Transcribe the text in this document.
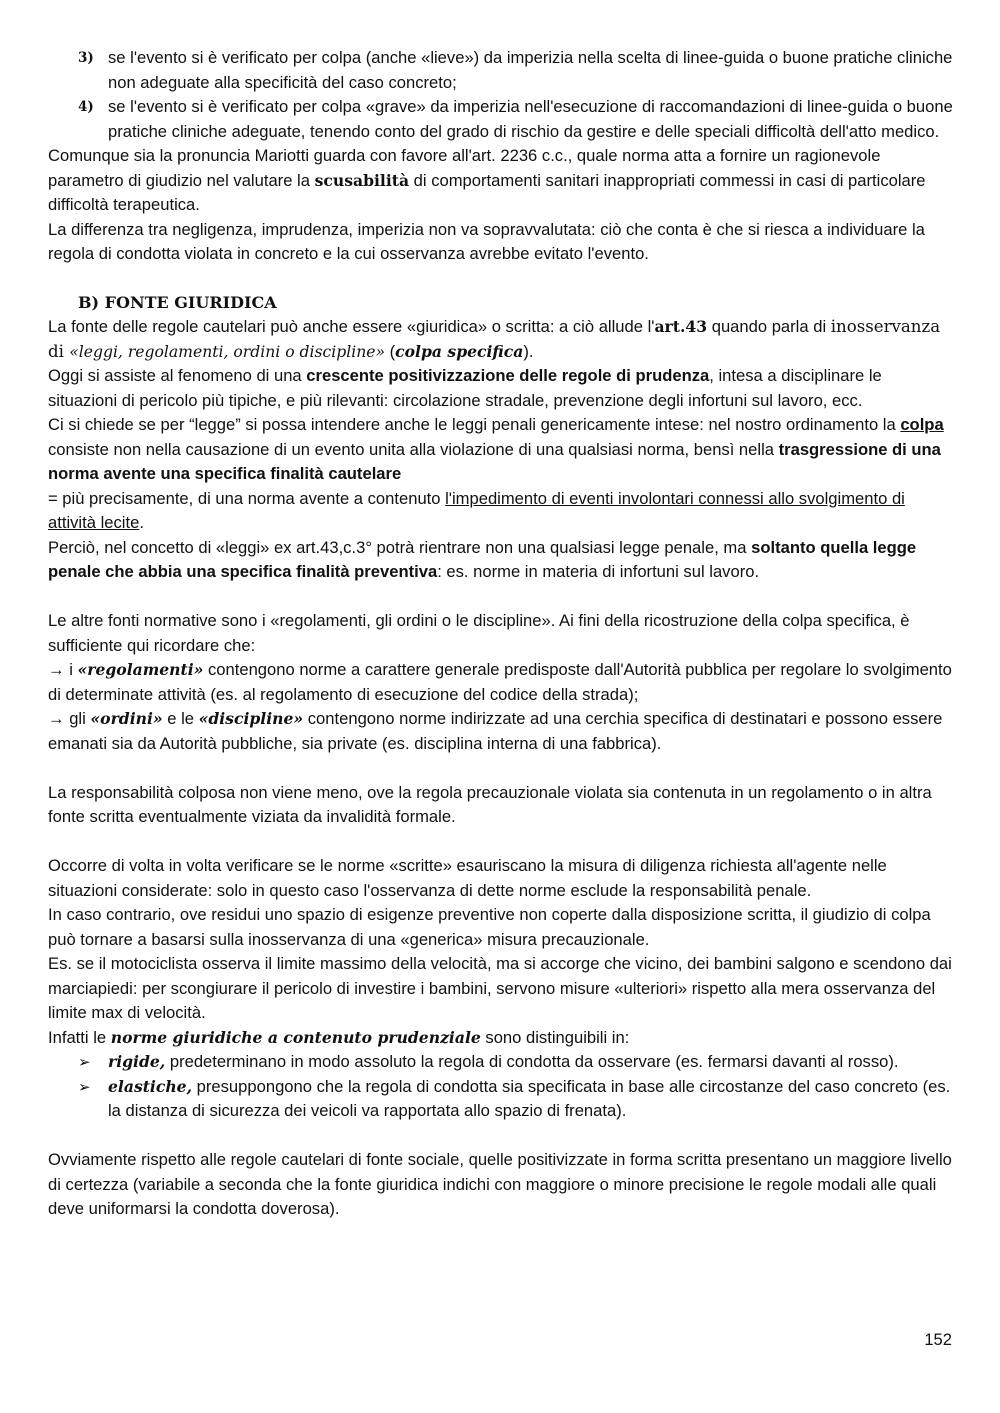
3) se l'evento si è verificato per colpa (anche «lieve») da imperizia nella scelta di linee-guida o buone pratiche cliniche non adeguate alla specificità del caso concreto;
4) se l'evento si è verificato per colpa «grave» da imperizia nell'esecuzione di raccomandazioni di linee-guida o buone pratiche cliniche adeguate, tenendo conto del grado di rischio da gestire e delle speciali difficoltà dell'atto medico.

Comunque sia la pronuncia Mariotti guarda con favore all'art. 2236 c.c., quale norma atta a fornire un ragionevole parametro di giudizio nel valutare la scusabilità di comportamenti sanitari inappropriati commessi in casi di particolare difficoltà terapeutica.

La differenza tra negligenza, imprudenza, imperizia non va sopravvalutata: ciò che conta è che si riesca a individuare la regola di condotta violata in concreto e la cui osservanza avrebbe evitato l'evento.

B) FONTE GIURIDICA

La fonte delle regole cautelari può anche essere «giuridica» o scritta: a ciò allude l'art.43 quando parla di inosservanza di «leggi, regolamenti, ordini o discipline» (colpa specifica).

Oggi si assiste al fenomeno di una crescente positivizzazione delle regole di prudenza, intesa a disciplinare le situazioni di pericolo più tipiche, e più rilevanti: circolazione stradale, prevenzione degli infortuni sul lavoro, ecc.

Ci si chiede se per “legge” si possa intendere anche le leggi penali genericamente intese: nel nostro ordinamento la colpa consiste non nella causazione di un evento unita alla violazione di una qualsiasi norma, bensì nella trasgressione di una norma avente una specifica finalità cautelare

= più precisamente, di una norma avente a contenuto l'impedimento di eventi involontari connessi allo svolgimento di attività lecite.

Perciò, nel concetto di «leggi» ex art.43,c.3° potrà rientrare non una qualsiasi legge penale, ma soltanto quella legge penale che abbia una specifica finalità preventiva: es. norme in materia di infortuni sul lavoro.

Le altre fonti normative sono i «regolamenti, gli ordini o le discipline». Ai fini della ricostruzione della colpa specifica, è sufficiente qui ricordare che:

→ i «regolamenti» contengono norme a carattere generale predisposte dall'Autorità pubblica per regolare lo svolgimento di determinate attività (es. al regolamento di esecuzione del codice della strada);

→ gli «ordini» e le «discipline» contengono norme indirizzate ad una cerchia specifica di destinatari e possono essere emanati sia da Autorità pubbliche, sia private (es. disciplina interna di una fabbrica).

La responsabilità colposa non viene meno, ove la regola precauzionale violata sia contenuta in un regolamento o in altra fonte scritta eventualmente viziata da invalidità formale.

Occorre di volta in volta verificare se le norme «scritte» esauriscano la misura di diligenza richiesta all'agente nelle situazioni considerate: solo in questo caso l'osservanza di dette norme esclude la responsabilità penale.

In caso contrario, ove residui uno spazio di esigenze preventive non coperte dalla disposizione scritta, il giudizio di colpa può tornare a basarsi sulla inosservanza di una «generica» misura precauzionale.

Es. se il motociclista osserva il limite massimo della velocità, ma si accorge che vicino, dei bambini salgono e scendono dai marciapiedi: per scongiurare il pericolo di investire i bambini, servono misure «ulteriori» rispetto alla mera osservanza del limite max di velocità.

Infatti le norme giuridiche a contenuto prudenziale sono distinguibili in:

➢ rigide, predeterminano in modo assoluto la regola di condotta da osservare (es. fermarsi davanti al rosso).
➢ elastiche, presuppongono che la regola di condotta sia specificata in base alle circostanze del caso concreto (es. la distanza di sicurezza dei veicoli va rapportata allo spazio di frenata).

Ovviamente rispetto alle regole cautelari di fonte sociale, quelle positivizzate in forma scritta presentano un maggiore livello di certezza (variabile a seconda che la fonte giuridica indichi con maggiore o minore precisione le regole modali alle quali deve uniformarsi la condotta doverosa).

152
